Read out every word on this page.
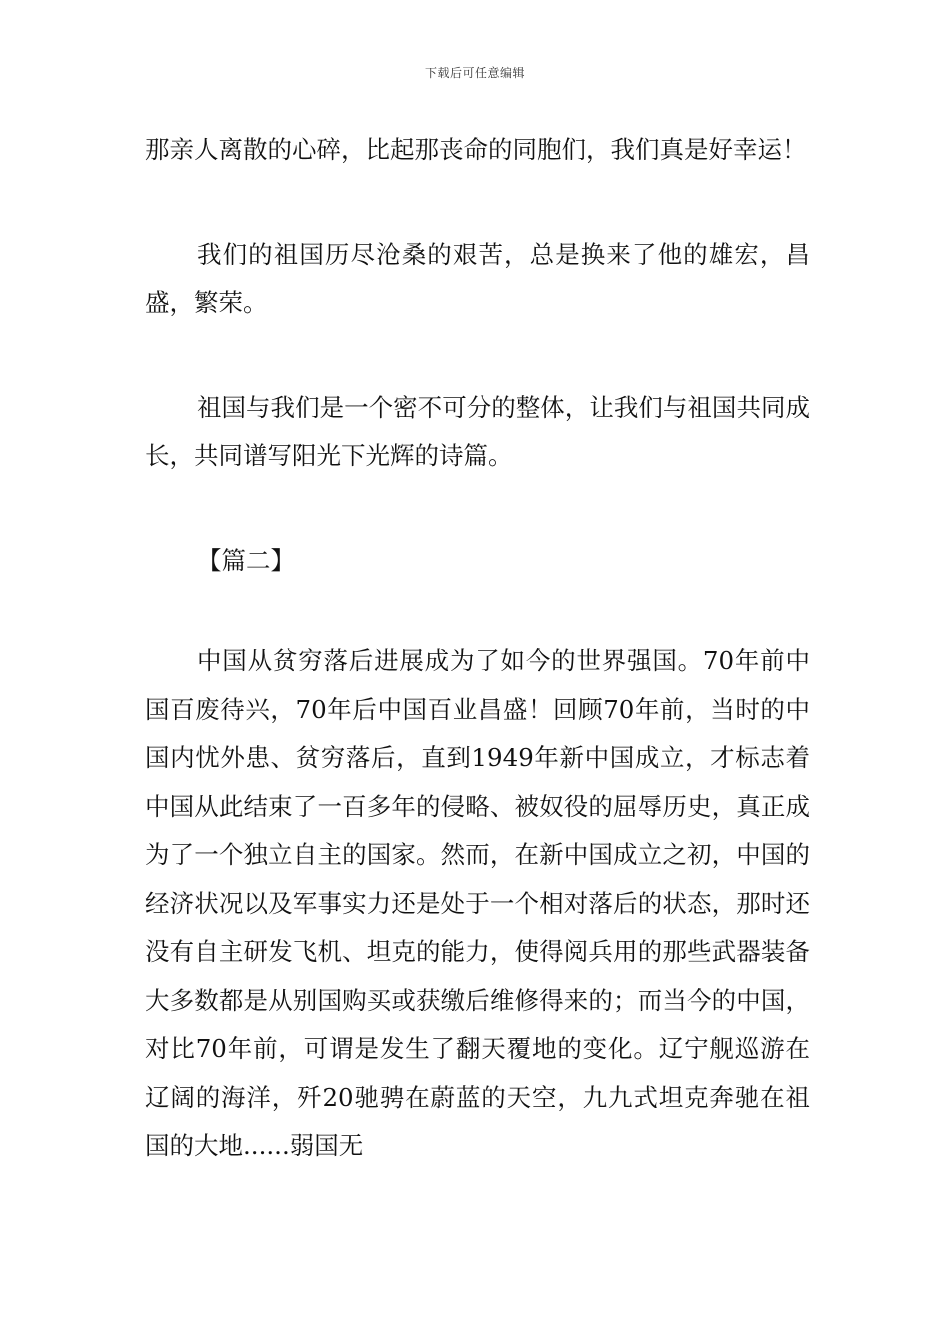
下载后可任意编辑

那亲人离散的心碎，比起那丧命的同胞们，我们真是好幸运！

我们的祖国历尽沧桑的艰苦，总是换来了他的雄宏，昌盛，繁荣。

祖国与我们是一个密不可分的整体，让我们与祖国共同成长，共同谱写阳光下光辉的诗篇。

【篇二】

中国从贫穷落后进展成为了如今的世界强国。70年前中国百废待兴，70年后中国百业昌盛！回顾70年前，当时的中国内忧外患、贫穷落后，直到1949年新中国成立，才标志着中国从此结束了一百多年的侵略、被奴役的屈辱历史，真正成为了一个独立自主的国家。然而，在新中国成立之初，中国的经济状况以及军事实力还是处于一个相对落后的状态，那时还没有自主研发飞机、坦克的能力，使得阅兵用的那些武器装备大多数都是从别国购买或获缴后维修得来的；而当今的中国，对比70年前，可谓是发生了翻天覆地的变化。辽宁舰巡游在辽阔的海洋，歼20驰骋在蔚蓝的天空，九九式坦克奔驰在祖国的大地......弱国无
